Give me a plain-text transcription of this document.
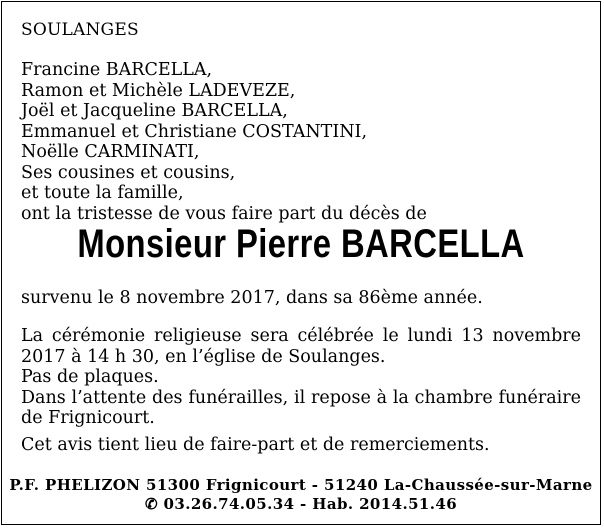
SOULANGES
Francine BARCELLA,
Ramon et Michèle LADEVEZE,
Joël et Jacqueline BARCELLA,
Emmanuel et Christiane COSTANTINI,
Noëlle CARMINATI,
Ses cousines et cousins,
et toute la famille,
ont la tristesse de vous faire part du décès de
Monsieur Pierre BARCELLA
survenu le 8 novembre 2017, dans sa 86ème année.
La cérémonie religieuse sera célébrée le lundi 13 novembre
2017 à 14 h 30, en l’église de Soulanges.
Pas de plaques.
Dans l’attente des funérailles, il repose à la chambre funéraire
de Frignicourt.
Cet avis tient lieu de faire-part et de remerciements.
P.F. PHELIZON 51300 Frignicourt - 51240 La-Chaussée-sur-Marne
✆ 03.26.74.05.34 - Hab. 2014.51.46
